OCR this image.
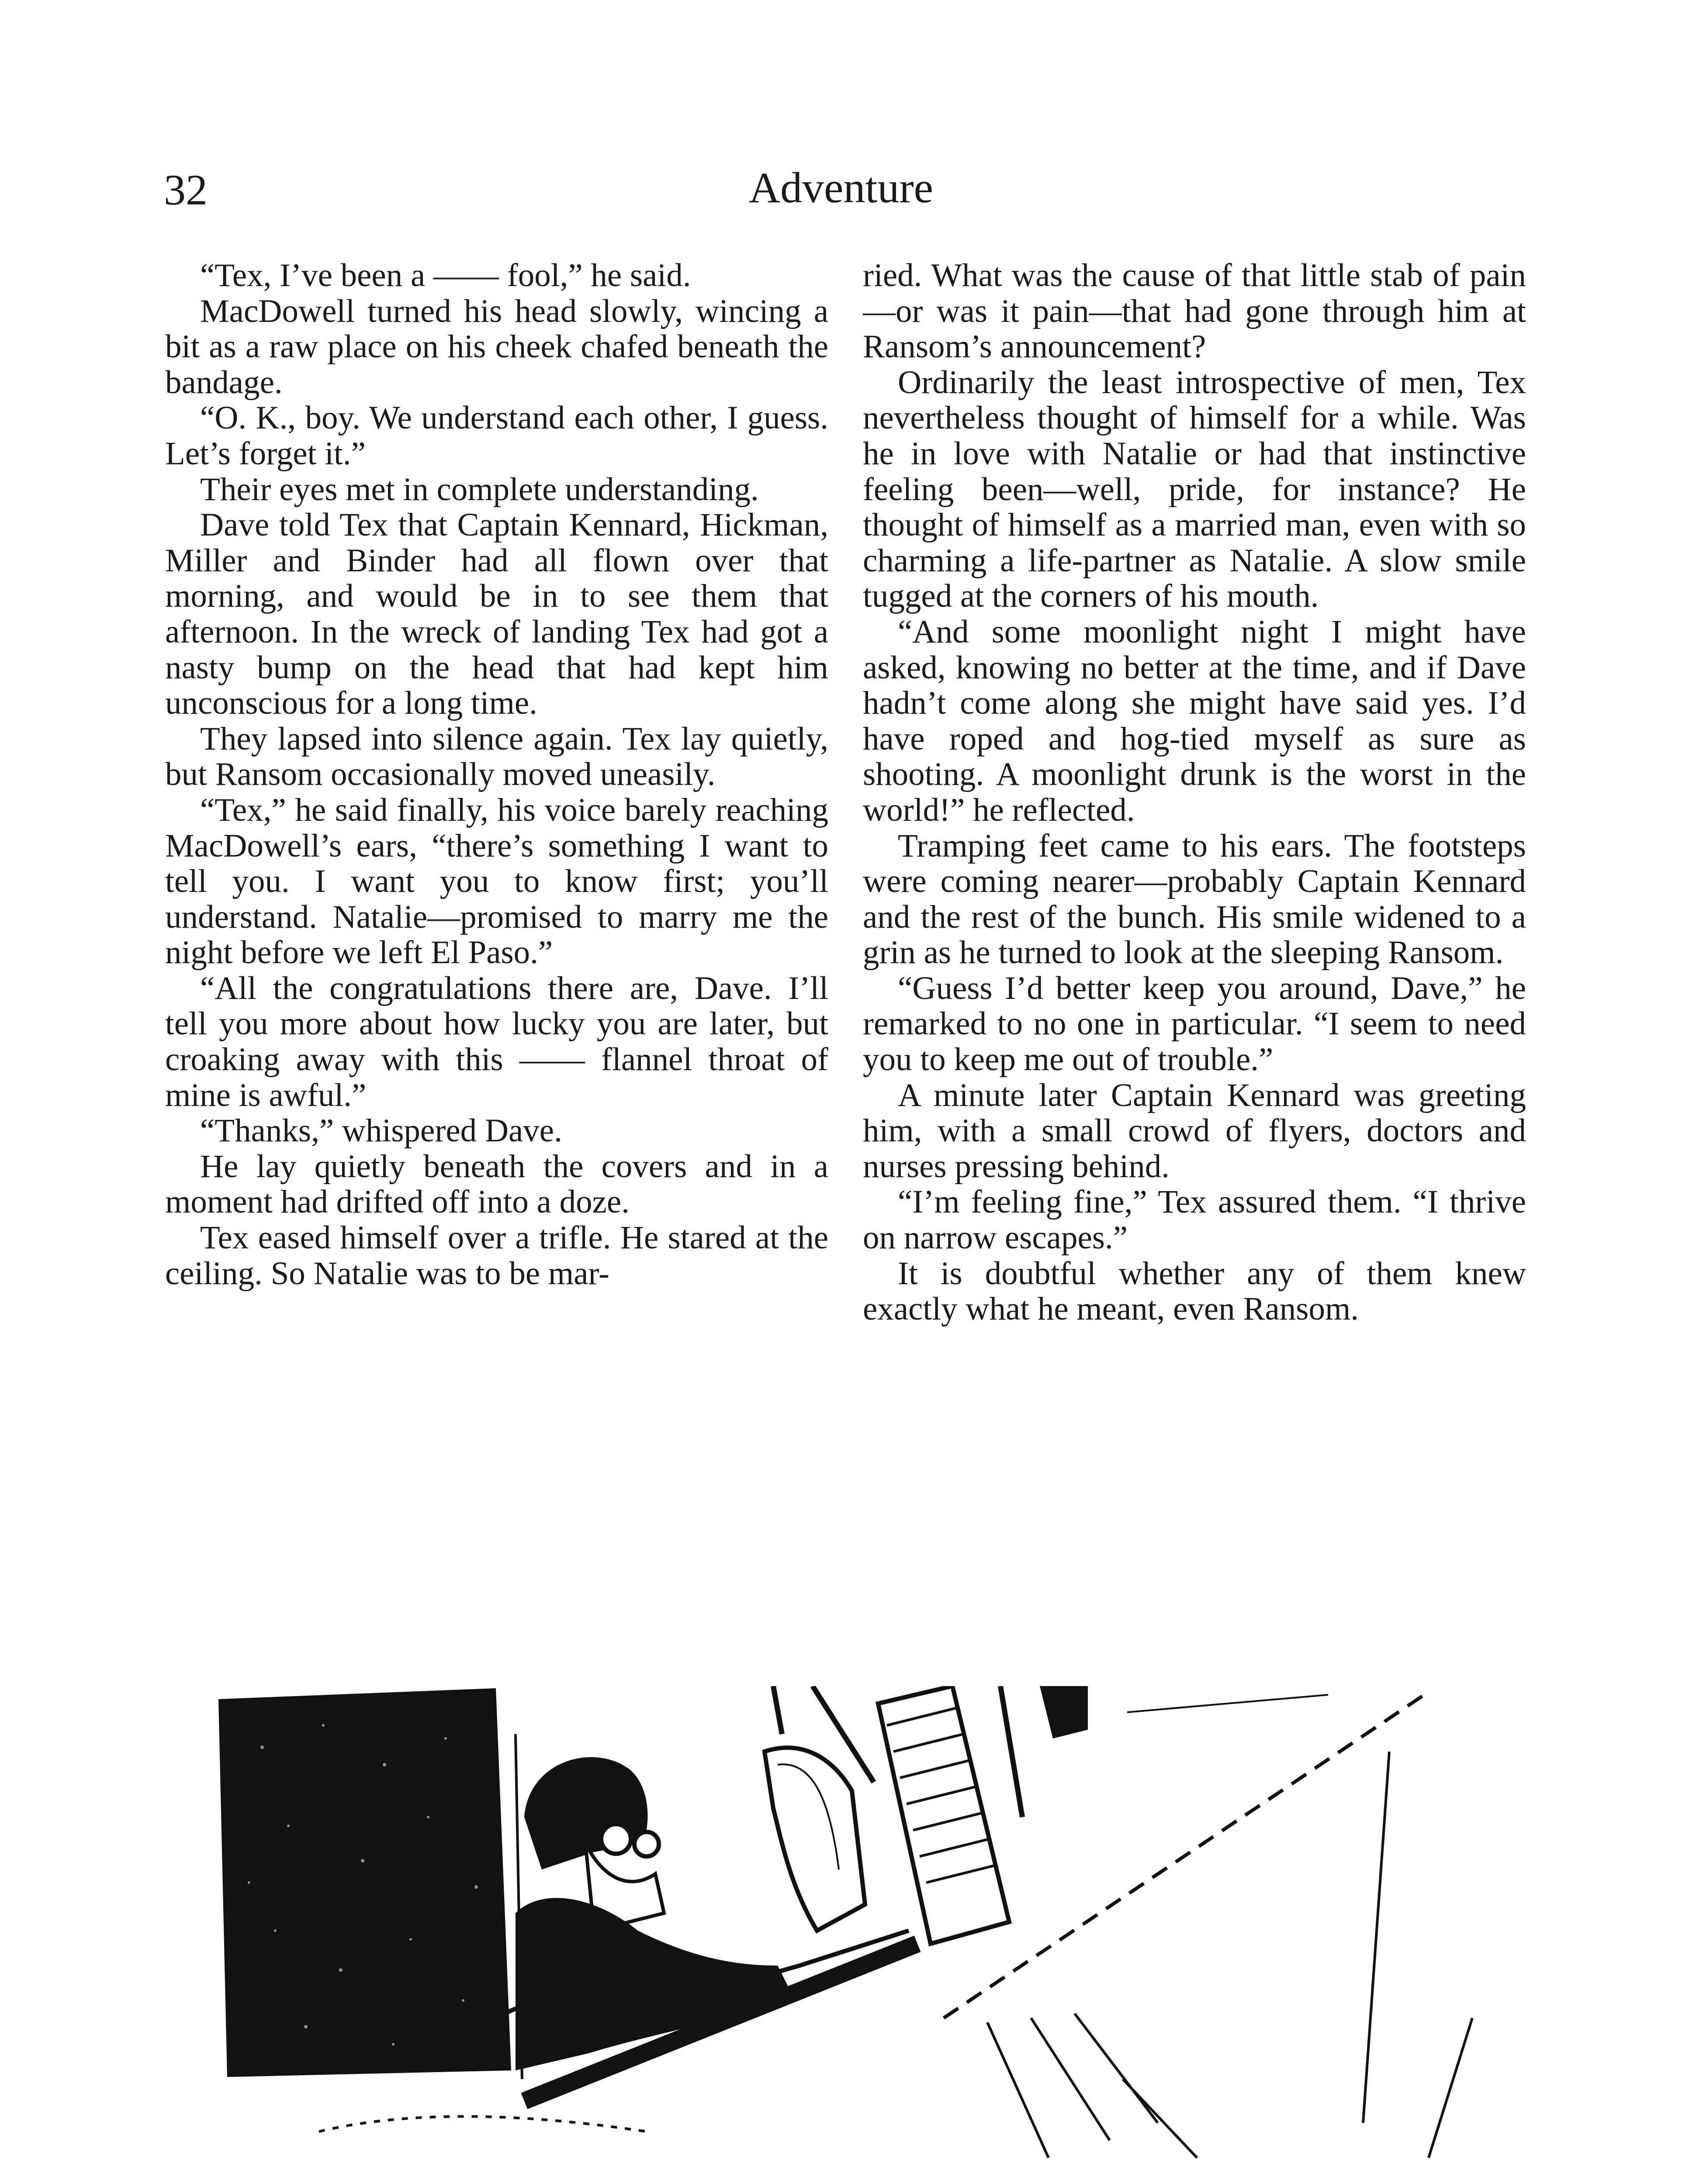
32	Adventure

“Tex, I’ve been a —— fool,” he said.

MacDowell turned his head slowly, wincing a bit as a raw place on his cheek chafed beneath the bandage.

“O. K., boy. We understand each other, I guess. Let’s forget it.”

Their eyes met in complete understanding.

Dave told Tex that Captain Kennard, Hickman, Miller and Binder had all flown over that morning, and would be in to see them that afternoon. In the wreck of landing Tex had got a nasty bump on the head that had kept him unconscious for a long time.

They lapsed into silence again. Tex lay quietly, but Ransom occasionally moved uneasily.

“Tex,” he said finally, his voice barely reaching MacDowell’s ears, “there’s something I want to tell you. I want you to know first; you’ll understand. Natalie—promised to marry me the night before we left El Paso.”

“All the congratulations there are, Dave. I’ll tell you more about how lucky you are later, but croaking away with this —— flannel throat of mine is awful.”

“Thanks,” whispered Dave.

He lay quietly beneath the covers and in a moment had drifted off into a doze.

Tex eased himself over a trifle. He stared at the ceiling. So Natalie was to be mar-

ried. What was the cause of that little stab of pain—or was it pain—that had gone through him at Ransom’s announcement?

Ordinarily the least introspective of men, Tex nevertheless thought of himself for a while. Was he in love with Natalie or had that instinctive feeling been—well, pride, for instance? He thought of himself as a married man, even with so charming a life-partner as Natalie. A slow smile tugged at the corners of his mouth.

“And some moonlight night I might have asked, knowing no better at the time, and if Dave hadn’t come along she might have said yes. I’d have roped and hog-tied myself as sure as shooting. A moonlight drunk is the worst in the world!” he reflected.

Tramping feet came to his ears. The footsteps were coming nearer—probably Captain Kennard and the rest of the bunch. His smile widened to a grin as he turned to look at the sleeping Ransom.

“Guess I’d better keep you around, Dave,” he remarked to no one in particular. “I seem to need you to keep me out of trouble.”

A minute later Captain Kennard was greeting him, with a small crowd of flyers, doctors and nurses pressing behind.

“I’m feeling fine,” Tex assured them. “I thrive on narrow escapes.”

It is doubtful whether any of them knew exactly what he meant, even Ransom.
